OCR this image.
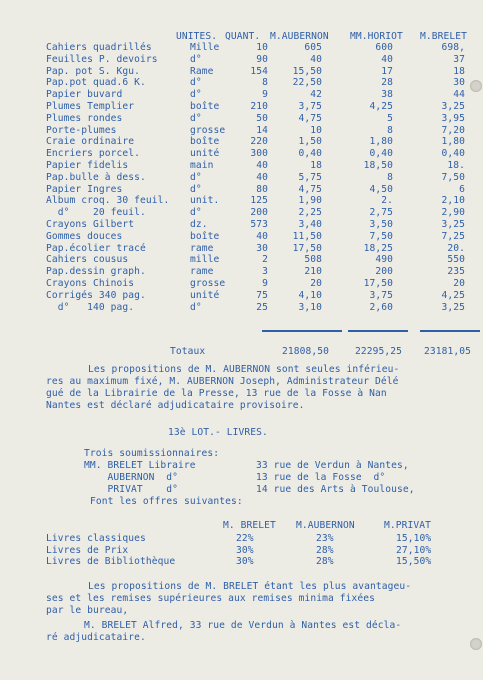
UNITES. QUANT. M.AUBERNON MM.HORIOT M.BRELET
Cahiers quadrillés	Mille	10	605	600	698,
Feuilles P. devoirs	d°	90	40	40	37
Pap. pot S. Kgu.	Rame	154	15,50	17	18
Pap.pot quad.6 K.	d°	8	22,50	28	30
Papier buvard	d°	9	42	38	44
Plumes Templier	boîte	210	3,75	4,25	3,25
Plumes rondes	d°	50	4,75	5	3,95
Porte-plumes	grosse	14	10	8	7,20
Craie ordinaire	boîte	220	1,50	1,80	1,80
Encriers porcel.	unité	300	0,40	0,40	0,40
Papier fidelis	main	40	18	18,50	18.
Pap.bulle à dess.	d°	40	5,75	8	7,50
Papier Ingres	d°	80	4,75	4,50	6
Album croq. 30 feuil. unit.	125	1,90	2.	2,10
d°    20 feuil.	d°	200	2,25	2,75	2,90
Crayons Gilbert	dz.	573	3,40	3,50	3,25
Gommes douces	boîte	40	11,50	7,50	7,25
Pap.écolier tracé	rame	30	17,50	18,25	20.
Cahiers cousus	mille	2	508	490	550
Pap.dessin graph.	rame	3	210	200	235
Crayons Chinois	grosse	9	20	17,50	20
Corrigés 340 pag.	unité	75	4,10	3,75	4,25
d°   140 pag.	d°	25	3,10	2,60	3,25
Totaux	21808,50	22295,25 23181,05
Les propositions de M. AUBERNON sont seules inférieu-
res au maximum fixé, M. AUBERNON Joseph, Administrateur Délé
gué de la Librairie de la Presse, 13 rue de la Fosse à Nan
Nantes est déclaré adjudicataire provisoire.
13è LOT.- LIVRES.
Trois soumissionnaires:
MM. BRELET Libraire	33 rue de Verdun à Nantes,
AUBERNON  d°	13 rue de la Fosse  d°
PRIVAT    d°	14 rue des Arts à Toulouse,
Font les offres suivantes:
M. BRELET M.AUBERNON	M.PRIVAT
Livres classiques	22%	23%	15,10%
Livres de Prix	30%	28%	27,10%
Livres de Bibliothèque	30%	28%	15,50%
Les propositions de M. BRELET étant les plus avantageu-
ses et les remises supérieures aux remises minima fixées
par le bureau,
M. BRELET Alfred, 33 rue de Verdun à Nantes est décla-
ré adjudicataire.
